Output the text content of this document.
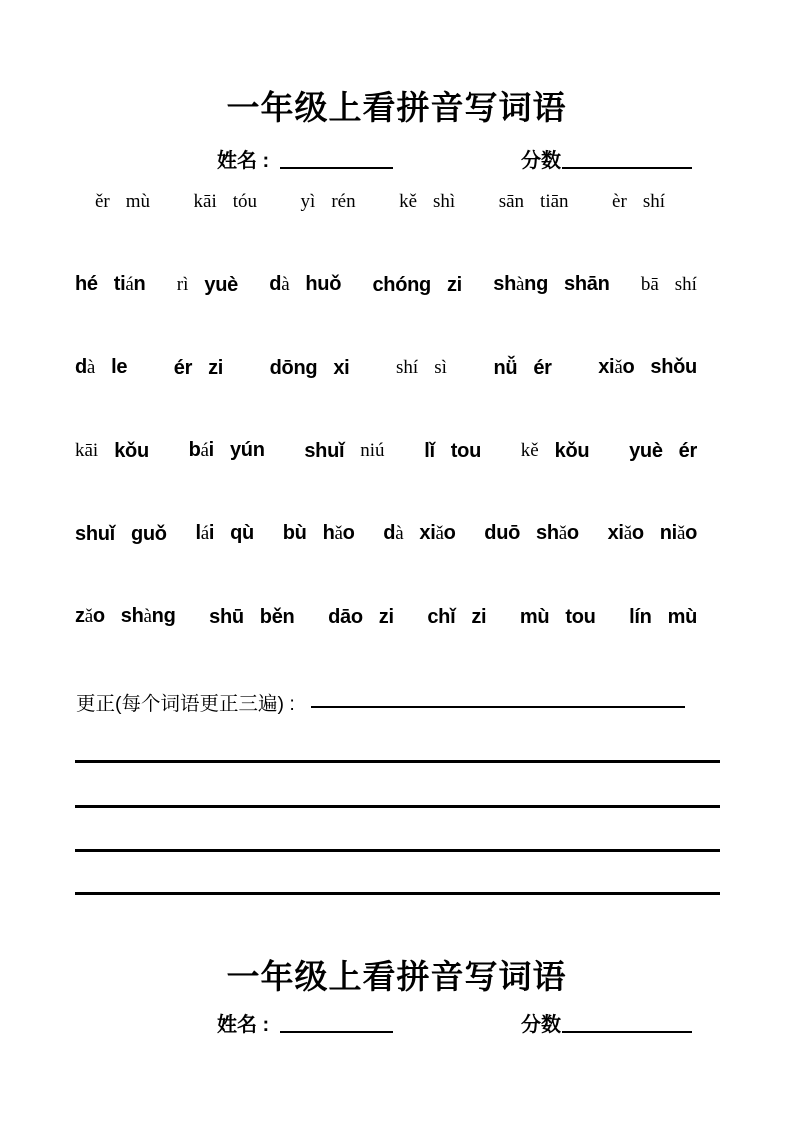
一年级上看拼音写词语
姓名 :	分数
ěr mù kāi tóu yì rén kě shì sān tiān èr shí
hé tián rì yuè dà huǒ chóng zi shàng shān bā shí
dà le ér zi dōng xi shí sì nǚ ér xiǎo shǒu
kāi kǒu bái yún shuǐ niú lǐ tou kě kǒu yuè ér
shuǐ guǒ lái qù bù hǎo dà xiǎo duō shǎo xiǎo niǎo
zǎo shàng shū běn dāo zi chǐ zi mù tou lín mù
更正(每个词语更正三遍) :
一年级上看拼音写词语
姓名 :	分数
